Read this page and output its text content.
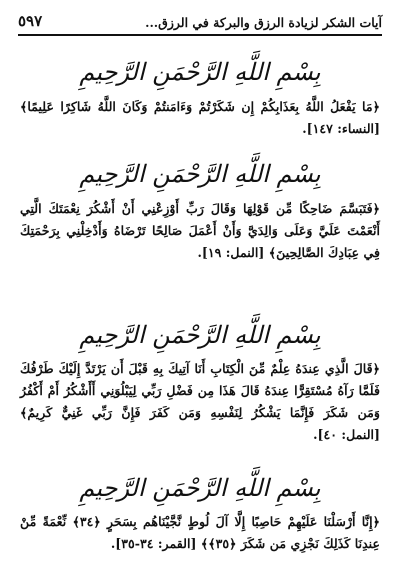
آيات الشكر لزيادة الرزق والبركة في الرزق...
٥٩٧
بِسْمِ اللَّهِ الرَّحْمَنِ الرَّحِيمِ
﴿مَا يَفْعَلُ اللَّهُ بِعَذَابِكُمْ إِن شَكَرْتُمْ وَءَامَنتُمْ وَكَانَ اللَّهُ شَاكِرًا عَلِيمًا﴾ [النساء: ١٤٧].
بِسْمِ اللَّهِ الرَّحْمَنِ الرَّحِيمِ
﴿فَتَبَسَّمَ ضَاحِكًا مِّن قَوْلِهَا وَقَالَ رَبِّ أَوْزِعْنِي أَنْ أَشْكُرَ نِعْمَتَكَ الَّتِي أَنْعَمْتَ عَلَيَّ وَعَلَى وَالِدَيَّ وَأَنْ أَعْمَلَ صَالِحًا تَرْضَاهُ وَأَدْخِلْنِي بِرَحْمَتِكَ فِي عِبَادِكَ الصَّالِحِينَ﴾ [النمل: ١٩].
بِسْمِ اللَّهِ الرَّحْمَنِ الرَّحِيمِ
﴿قَالَ الَّذِي عِندَهُ عِلْمٌ مِّنَ الْكِتَابِ أَنَا آتِيكَ بِهِ قَبْلَ أَن يَرْتَدَّ إِلَيْكَ طَرْفُكَ فَلَمَّا رَآهُ مُسْتَقِرًّا عِندَهُ قَالَ هَذَا مِن فَضْلِ رَبِّي لِيَبْلُوَنِي أَأَشْكُرُ أَمْ أَكْفُرُ وَمَن شَكَرَ فَإِنَّمَا يَشْكُرُ لِنَفْسِهِ وَمَن كَفَرَ فَإِنَّ رَبِّي غَنِيٌّ كَرِيمٌ﴾ [النمل: ٤٠].
بِسْمِ اللَّهِ الرَّحْمَنِ الرَّحِيمِ
﴿إِنَّا أَرْسَلْنَا عَلَيْهِمْ حَاصِبًا إِلَّا آلَ لُوطٍ نَّجَّيْنَاهُم بِسَحَرٍ ﴿٣٤﴾ نِّعْمَةً مِّنْ عِندِنَا كَذَلِكَ نَجْزِي مَن شَكَرَ ﴿٣٥﴾﴾ [القمر: ٣٤-٣٥].
